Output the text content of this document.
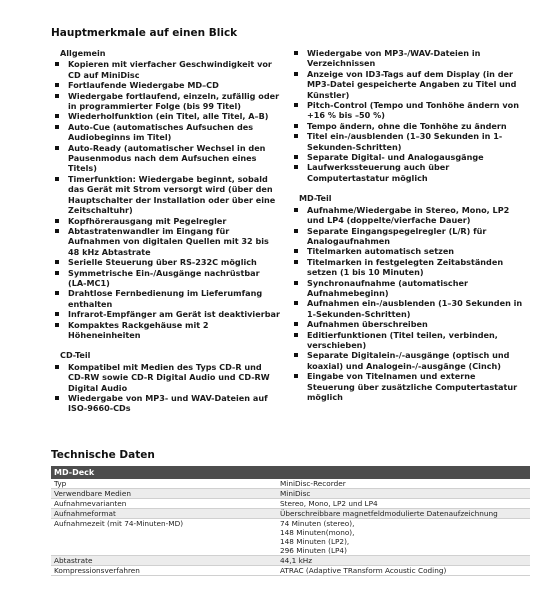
Hauptmerkmale auf einen Blick
Allgemein
Kopieren mit vierfacher Geschwindigkeit vor CD auf MiniDisc
Fortlaufende Wiedergabe MD–CD
Wiedergabe fortlaufend, einzeln, zufällig oder in programmierter Folge (bis 99 Titel)
Wiederholfunktion (ein Titel, alle Titel, A–B)
Auto-Cue (automatisches Aufsuchen des Audiobeginns im Titel)
Auto-Ready (automatischer Wechsel in den Pausenmodus nach dem Aufsuchen eines Titels)
Timerfunktion: Wiedergabe beginnt, sobald das Gerät mit Strom versorgt wird (über den Hauptschalter der Installation oder über eine Zeitschaltuhr)
Kopfhörerausgang mit Pegelregler
Abtastratenwandler im Eingang für Aufnahmen von digitalen Quellen mit 32 bis 48 kHz Abtastrate
Serielle Steuerung über RS-232C möglich
Symmetrische Ein-/Ausgänge nachrüstbar (LA-MC1)
Drahtlose Fernbedienung im Lieferumfang enthalten
Infrarot-Empfänger am Gerät ist deaktivierbar
Kompaktes Rackgehäuse mit 2 Höheneinheiten
CD-Teil
Kompatibel mit Medien des Typs CD-R und CD-RW sowie CD-R Digital Audio und CD-RW Digital Audio
Wiedergabe von MP3- und WAV-Dateien auf ISO-9660-CDs
Wiedergabe von MP3-/WAV-Dateien in Verzeichnissen
Anzeige von ID3-Tags auf dem Display (in der MP3-Datei gespeicherte Angaben zu Titel und Künstler)
Pitch-Control (Tempo und Tonhöhe ändern von +16 % bis –50 %)
Tempo ändern, ohne die Tonhöhe zu ändern
Titel ein-/ausblenden (1–30 Sekunden in 1-Sekunden-Schritten)
Separate Digital- und Analogausgänge
Laufwerkssteuerung auch über Computertastatur möglich
MD-Teil
Aufnahme/Wiedergabe in Stereo, Mono, LP2 und LP4 (doppelte/vierfache Dauer)
Separate Eingangspegelregler (L/R) für Analogaufnahmen
Titelmarken automatisch setzen
Titelmarken in festgelegten Zeitabständen setzen (1 bis 10 Minuten)
Synchronaufnahme (automatischer Aufnahmebeginn)
Aufnahmen ein-/ausblenden (1–30 Sekunden in 1-Sekunden-Schritten)
Aufnahmen überschreiben
Editierfunktionen (Titel teilen, verbinden, verschieben)
Separate Digitalein-/-ausgänge (optisch und koaxial) und Analogein-/-ausgänge (Cinch)
Eingabe von Titelnamen und externe Steuerung über zusätzliche Computertastatur möglich
Technische Daten
MD-Deck	
Typ	MiniDisc-Recorder
Verwendbare Medien	MiniDisc
Aufnahmevarianten	Stereo, Mono, LP2 und LP4
Aufnahmeformat	Überschreibbare magnetfeldmodulierte Datenaufzeichnung
Aufnahmezeit (mit 74-Minuten-MD)	74 Minuten (stereo),
148 Minuten(mono),
148 Minuten (LP2),
296 Minuten (LP4)
Abtastrate	44,1 kHz
Kompressionsverfahren	ATRAC (Adaptive TRansform Acoustic Coding)
